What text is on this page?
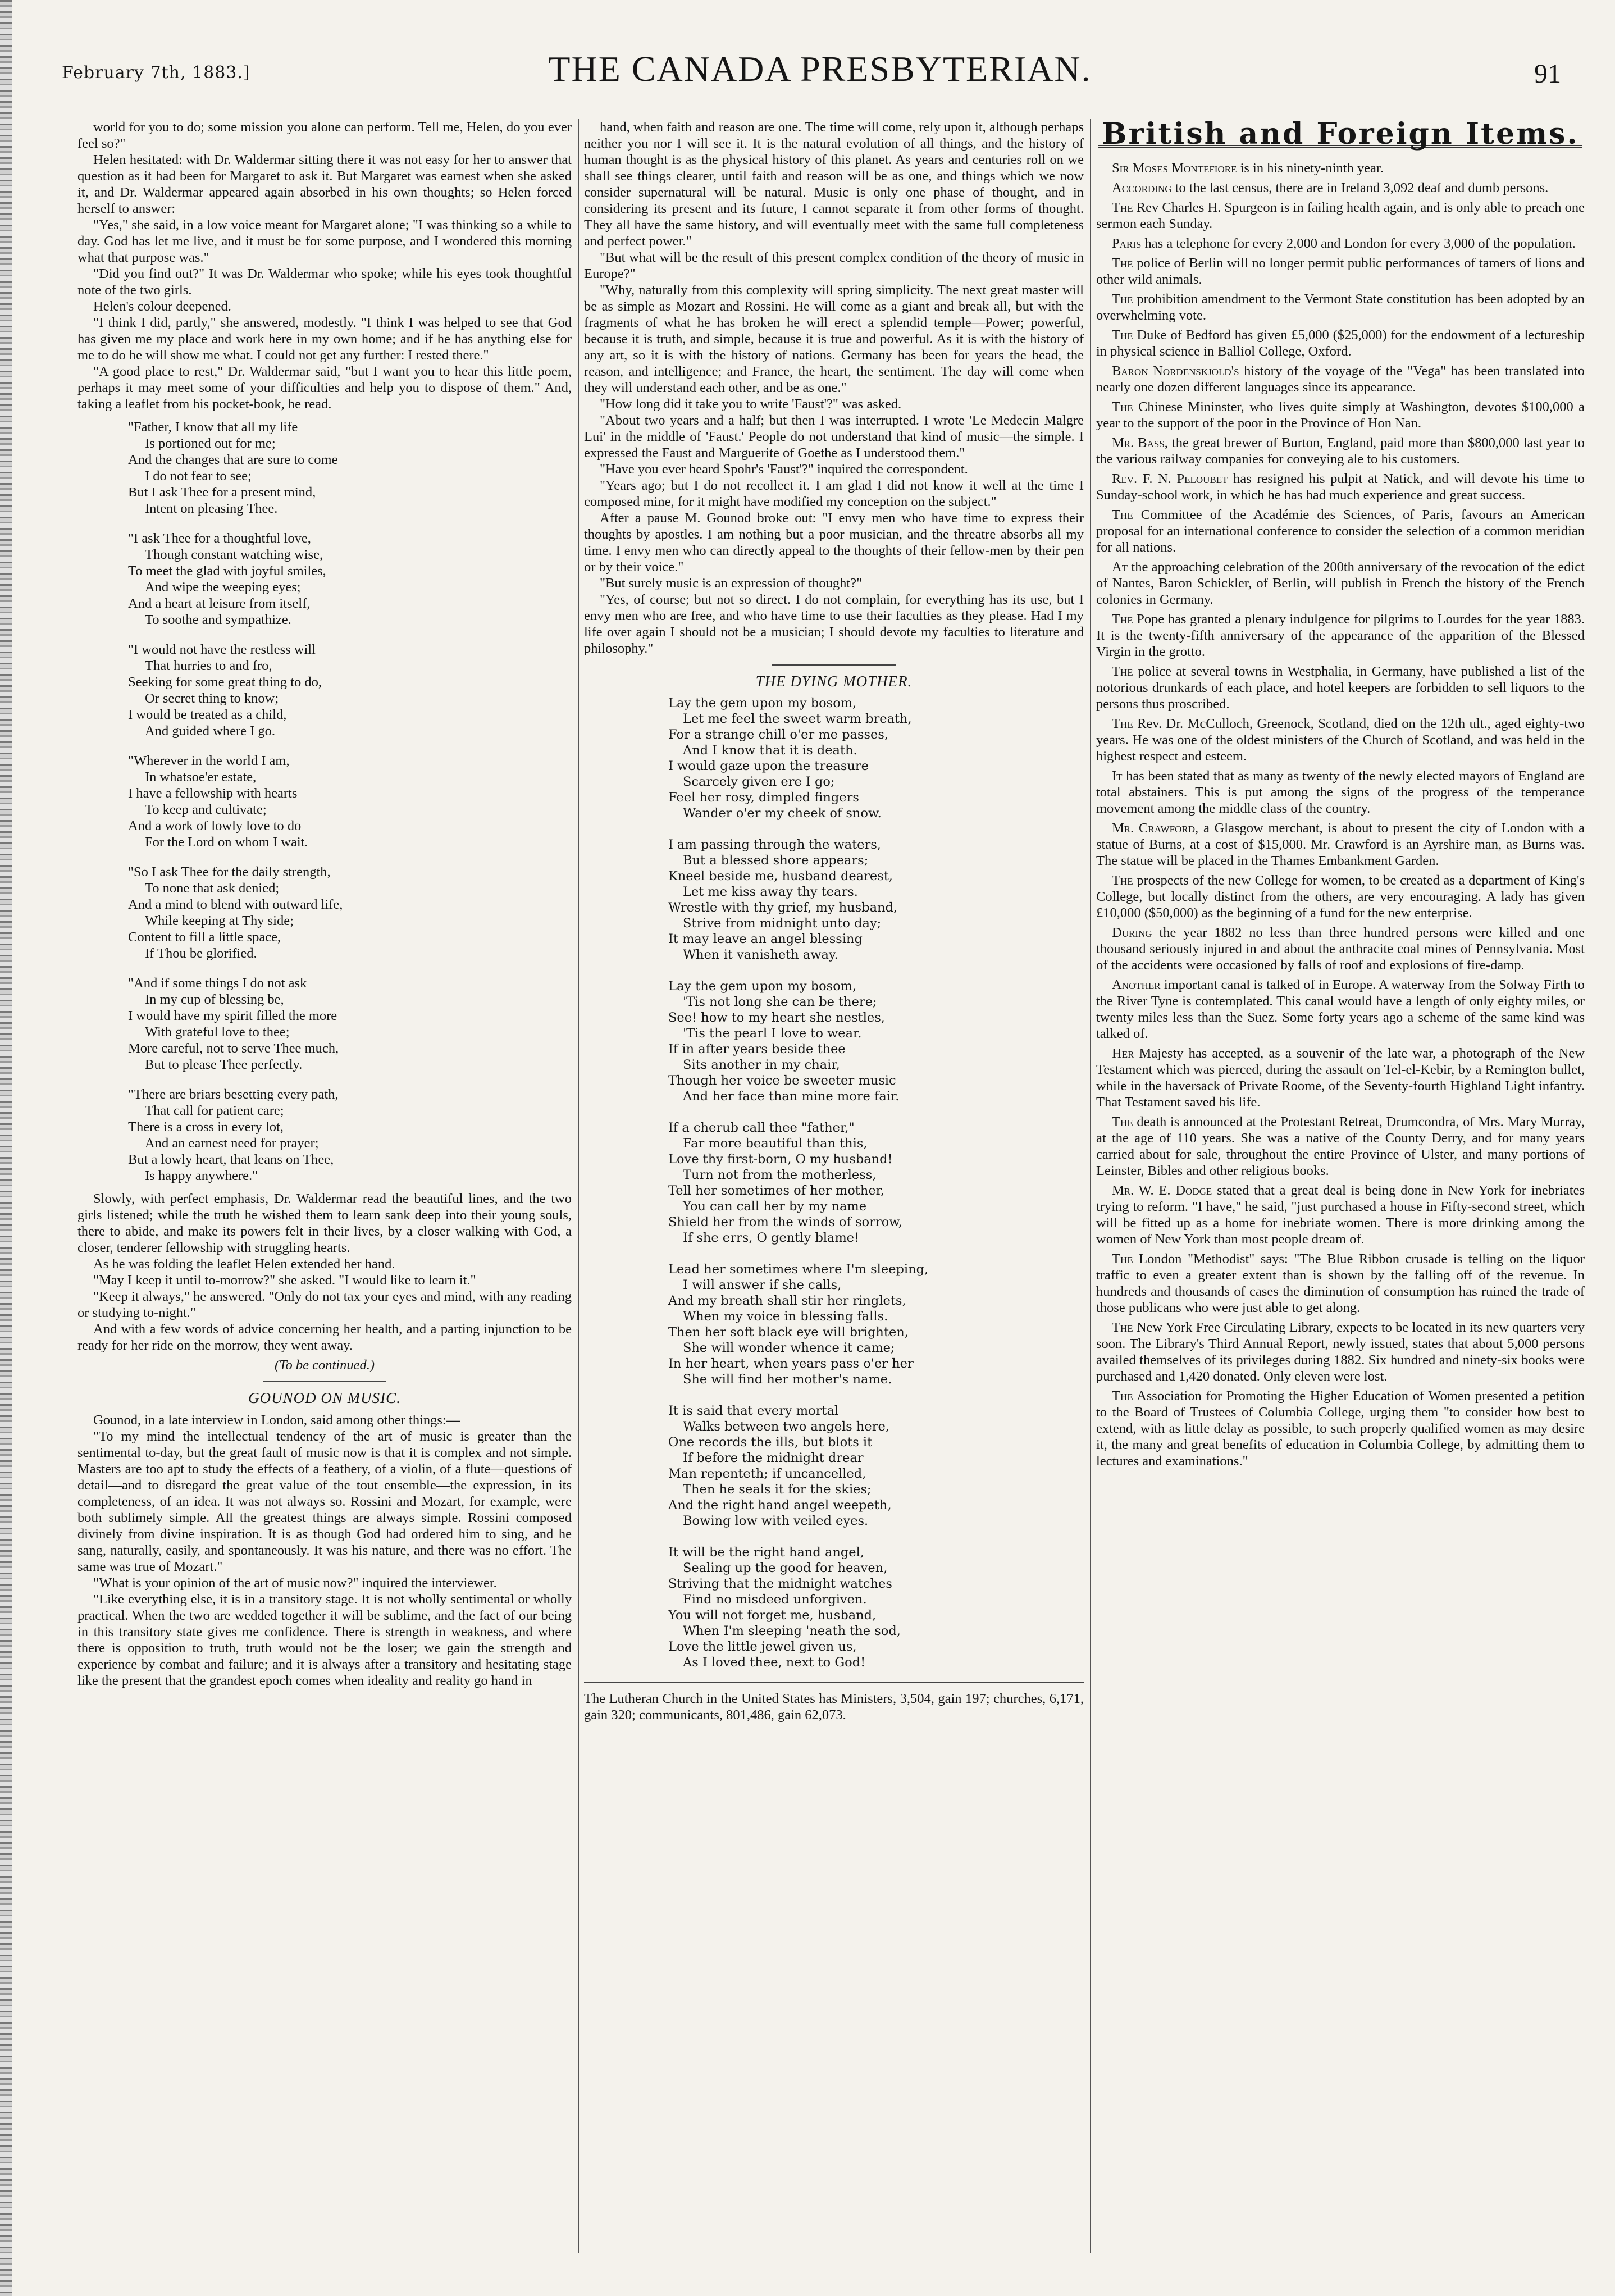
February 7th, 1883.]	THE CANADA PRESBYTERIAN.	91

world for you to do; some mission you alone can perform. Tell me, Helen, do you ever feel so?"

Helen hesitated: with Dr. Waldermar sitting there it was not easy for her to answer that question as it had been for Margaret to ask it. But Margaret was earnest when she asked it, and Dr. Waldermar appeared again absorbed in his own thoughts; so Helen forced herself to answer:

"Yes," she said, in a low voice meant for Margaret alone; "I was thinking so a while to day. God has let me live, and it must be for some purpose, and I wondered this morning what that purpose was."

"Did you find out?" It was Dr. Waldermar who spoke; while his eyes took thoughtful note of the two girls.

Helen's colour deepened.

"I think I did, partly," she answered, modestly. "I think I was helped to see that God has given me my place and work here in my own home; and if he has anything else for me to do he will show me what. I could not get any further: I rested there."

"A good place to rest," Dr. Waldermar said, "but I want you to hear this little poem, perhaps it may meet some of your difficulties and help you to dispose of them." And, taking a leaflet from his pocket-book, he read.

"Father, I know that all my life
Is portioned out for me;
And the changes that are sure to come
I do not fear to see;
But I ask Thee for a present mind,
Intent on pleasing Thee.
"I ask Thee for a thoughtful love,
Though constant watching wise,
To meet the glad with joyful smiles,
And wipe the weeping eyes;
And a heart at leisure from itself,
To soothe and sympathize.
"I would not have the restless will
That hurries to and fro,
Seeking for some great thing to do,
Or secret thing to know;
I would be treated as a child,
And guided where I go.
"Wherever in the world I am,
In whatsoe'er estate,
I have a fellowship with hearts
To keep and cultivate;
And a work of lowly love to do
For the Lord on whom I wait.
"So I ask Thee for the daily strength,
To none that ask denied;
And a mind to blend with outward life,
While keeping at Thy side;
Content to fill a little space,
If Thou be glorified.
"And if some things I do not ask
In my cup of blessing be,
I would have my spirit filled the more
With grateful love to thee;
More careful, not to serve Thee much,
But to please Thee perfectly.
"There are briars besetting every path,
That call for patient care;
There is a cross in every lot,
And an earnest need for prayer;
But a lowly heart, that leans on Thee,
Is happy anywhere."

Slowly, with perfect emphasis, Dr. Waldermar read the beautiful lines, and the two girls listened; while the truth he wished them to learn sank deep into their young souls, there to abide, and make its powers felt in their lives, by a closer walking with God, a closer, tenderer fellowship with struggling hearts.

As he was folding the leaflet Helen extended her hand.

"May I keep it until to-morrow?" she asked. "I would like to learn it."

"Keep it always," he answered. "Only do not tax your eyes and mind, with any reading or studying to-night."

And with a few words of advice concerning her health, and a parting injunction to be ready for her ride on the morrow, they went away.

(To be continued.)
GOUNOD ON MUSIC.

Gounod, in a late interview in London, said among other things:—

"To my mind the intellectual tendency of the art of music is greater than the sentimental to-day, but the great fault of music now is that it is complex and not simple. Masters are too apt to study the effects of a feathery, of a violin, of a flute—questions of detail—and to disregard the great value of the tout ensemble—the expression, in its completeness, of an idea. It was not always so. Rossini and Mozart, for example, were both sublimely simple. All the greatest things are always simple. Rossini composed divinely from divine inspiration. It is as though God had ordered him to sing, and he sang, naturally, easily, and spontaneously. It was his nature, and there was no effort. The same was true of Mozart."

"What is your opinion of the art of music now?" inquired the interviewer.

"Like everything else, it is in a transitory stage. It is not wholly sentimental or wholly practical. When the two are wedded together it will be sublime, and the fact of our being in this transitory state gives me confidence. There is strength in weakness, and where there is opposition to truth, truth would not be the loser; we gain the strength and experience by combat and failure; and it is always after a transitory and hesitating stage like the present that the grandest epoch comes when ideality and reality go hand in

hand, when faith and reason are one. The time will come, rely upon it, although perhaps neither you nor I will see it. It is the natural evolution of all things, and the history of human thought is as the physical history of this planet. As years and centuries roll on we shall see things clearer, until faith and reason will be as one, and things which we now consider supernatural will be natural. Music is only one phase of thought, and in considering its present and its future, I cannot separate it from other forms of thought. They all have the same history, and will eventually meet with the same full completeness and perfect power."

"But what will be the result of this present complex condition of the theory of music in Europe?"

"Why, naturally from this complexity will spring simplicity. The next great master will be as simple as Mozart and Rossini. He will come as a giant and break all, but with the fragments of what he has broken he will erect a splendid temple—Power; powerful, because it is truth, and simple, because it is true and powerful. As it is with the history of any art, so it is with the history of nations. Germany has been for years the head, the reason, and intelligence; and France, the heart, the sentiment. The day will come when they will understand each other, and be as one."

"How long did it take you to write 'Faust'?" was asked.

"About two years and a half; but then I was interrupted. I wrote 'Le Medecin Malgre Lui' in the middle of 'Faust.' People do not understand that kind of music—the simple. I expressed the Faust and Marguerite of Goethe as I understood them."

"Have you ever heard Spohr's 'Faust'?" inquired the correspondent.

"Years ago; but I do not recollect it. I am glad I did not know it well at the time I composed mine, for it might have modified my conception on the subject."

After a pause M. Gounod broke out: "I envy men who have time to express their thoughts by apostles. I am nothing but a poor musician, and the threatre absorbs all my time. I envy men who can directly appeal to the thoughts of their fellow-men by their pen or by their voice."

"But surely music is an expression of thought?"

"Yes, of course; but not so direct. I do not complain, for everything has its use, but I envy men who are free, and who have time to use their faculties as they please. Had I my life over again I should not be a musician; I should devote my faculties to literature and philosophy."

THE DYING MOTHER.
Lay the gem upon my bosom,
Let me feel the sweet warm breath,
For a strange chill o'er me passes,
And I know that it is death.
I would gaze upon the treasure
Scarcely given ere I go;
Feel her rosy, dimpled fingers
Wander o'er my cheek of snow.
I am passing through the waters,
But a blessed shore appears;
Kneel beside me, husband dearest,
Let me kiss away thy tears.
Wrestle with thy grief, my husband,
Strive from midnight unto day;
It may leave an angel blessing
When it vanisheth away.
Lay the gem upon my bosom,
'Tis not long she can be there;
See! how to my heart she nestles,
'Tis the pearl I love to wear.
If in after years beside thee
Sits another in my chair,
Though her voice be sweeter music
And her face than mine more fair.
If a cherub call thee "father,"
Far more beautiful than this,
Love thy first-born, O my husband!
Turn not from the motherless,
Tell her sometimes of her mother,
You can call her by my name
Shield her from the winds of sorrow,
If she errs, O gently blame!
Lead her sometimes where I'm sleeping,
I will answer if she calls,
And my breath shall stir her ringlets,
When my voice in blessing falls.
Then her soft black eye will brighten,
She will wonder whence it came;
In her heart, when years pass o'er her
She will find her mother's name.
It is said that every mortal
Walks between two angels here,
One records the ills, but blots it
If before the midnight drear
Man repenteth; if uncancelled,
Then he seals it for the skies;
And the right hand angel weepeth,
Bowing low with veiled eyes.
It will be the right hand angel,
Sealing up the good for heaven,
Striving that the midnight watches
Find no misdeed unforgiven.
You will not forget me, husband,
When I'm sleeping 'neath the sod,
Love the little jewel given us,
As I loved thee, next to God!

The Lutheran Church in the United States has Ministers, 3,504, gain 197; churches, 6,171, gain 320; communicants, 801,486, gain 62,073.

British and Foreign Items.

Sir Moses Montefiore is in his ninety-ninth year.

According to the last census, there are in Ireland 3,092 deaf and dumb persons.

The Rev Charles H. Spurgeon is in failing health again, and is only able to preach one sermon each Sunday.

Paris has a telephone for every 2,000 and London for every 3,000 of the population.

The police of Berlin will no longer permit public performances of tamers of lions and other wild animals.

The prohibition amendment to the Vermont State constitution has been adopted by an overwhelming vote.

The Duke of Bedford has given £5,000 ($25,000) for the endowment of a lectureship in physical science in Balliol College, Oxford.

Baron Nordenskjold's history of the voyage of the "Vega" has been translated into nearly one dozen different languages since its appearance.

The Chinese Mininster, who lives quite simply at Washington, devotes $100,000 a year to the support of the poor in the Province of Hon Nan.

Mr. Bass, the great brewer of Burton, England, paid more than $800,000 last year to the various railway companies for conveying ale to his customers.

Rev. F. N. Peloubet has resigned his pulpit at Natick, and will devote his time to Sunday-school work, in which he has had much experience and great success.

The Committee of the Académie des Sciences, of Paris, favours an American proposal for an international conference to consider the selection of a common meridian for all nations.

At the approaching celebration of the 200th anniversary of the revocation of the edict of Nantes, Baron Schickler, of Berlin, will publish in French the history of the French colonies in Germany.

The Pope has granted a plenary indulgence for pilgrims to Lourdes for the year 1883. It is the twenty-fifth anniversary of the appearance of the apparition of the Blessed Virgin in the grotto.

The police at several towns in Westphalia, in Germany, have published a list of the notorious drunkards of each place, and hotel keepers are forbidden to sell liquors to the persons thus proscribed.

The Rev. Dr. McCulloch, Greenock, Scotland, died on the 12th ult., aged eighty-two years. He was one of the oldest ministers of the Church of Scotland, and was held in the highest respect and esteem.

It has been stated that as many as twenty of the newly elected mayors of England are total abstainers. This is put among the signs of the progress of the temperance movement among the middle class of the country.

Mr. Crawford, a Glasgow merchant, is about to present the city of London with a statue of Burns, at a cost of $15,000. Mr. Crawford is an Ayrshire man, as Burns was. The statue will be placed in the Thames Embankment Garden.

The prospects of the new College for women, to be created as a department of King's College, but locally distinct from the others, are very encouraging. A lady has given £10,000 ($50,000) as the beginning of a fund for the new enterprise.

During the year 1882 no less than three hundred persons were killed and one thousand seriously injured in and about the anthracite coal mines of Pennsylvania. Most of the accidents were occasioned by falls of roof and explosions of fire-damp.

Another important canal is talked of in Europe. A waterway from the Solway Firth to the River Tyne is contemplated. This canal would have a length of only eighty miles, or twenty miles less than the Suez. Some forty years ago a scheme of the same kind was talked of.

Her Majesty has accepted, as a souvenir of the late war, a photograph of the New Testament which was pierced, during the assault on Tel-el-Kebir, by a Remington bullet, while in the haversack of Private Roome, of the Seventy-fourth Highland Light infantry. That Testament saved his life.

The death is announced at the Protestant Retreat, Drumcondra, of Mrs. Mary Murray, at the age of 110 years. She was a native of the County Derry, and for many years carried about for sale, throughout the entire Province of Ulster, and many portions of Leinster, Bibles and other religious books.

Mr. W. E. Dodge stated that a great deal is being done in New York for inebriates trying to reform. "I have," he said, "just purchased a house in Fifty-second street, which will be fitted up as a home for inebriate women. There is more drinking among the women of New York than most people dream of.

The London "Methodist" says: "The Blue Ribbon crusade is telling on the liquor traffic to even a greater extent than is shown by the falling off of the revenue. In hundreds and thousands of cases the diminution of consumption has ruined the trade of those publicans who were just able to get along.

The New York Free Circulating Library, expects to be located in its new quarters very soon. The Library's Third Annual Report, newly issued, states that about 5,000 persons availed themselves of its privileges during 1882. Six hundred and ninety-six books were purchased and 1,420 donated. Only eleven were lost.

The Association for Promoting the Higher Education of Women presented a petition to the Board of Trustees of Columbia College, urging them "to consider how best to extend, with as little delay as possible, to such properly qualified women as may desire it, the many and great benefits of education in Columbia College, by admitting them to lectures and examinations."
